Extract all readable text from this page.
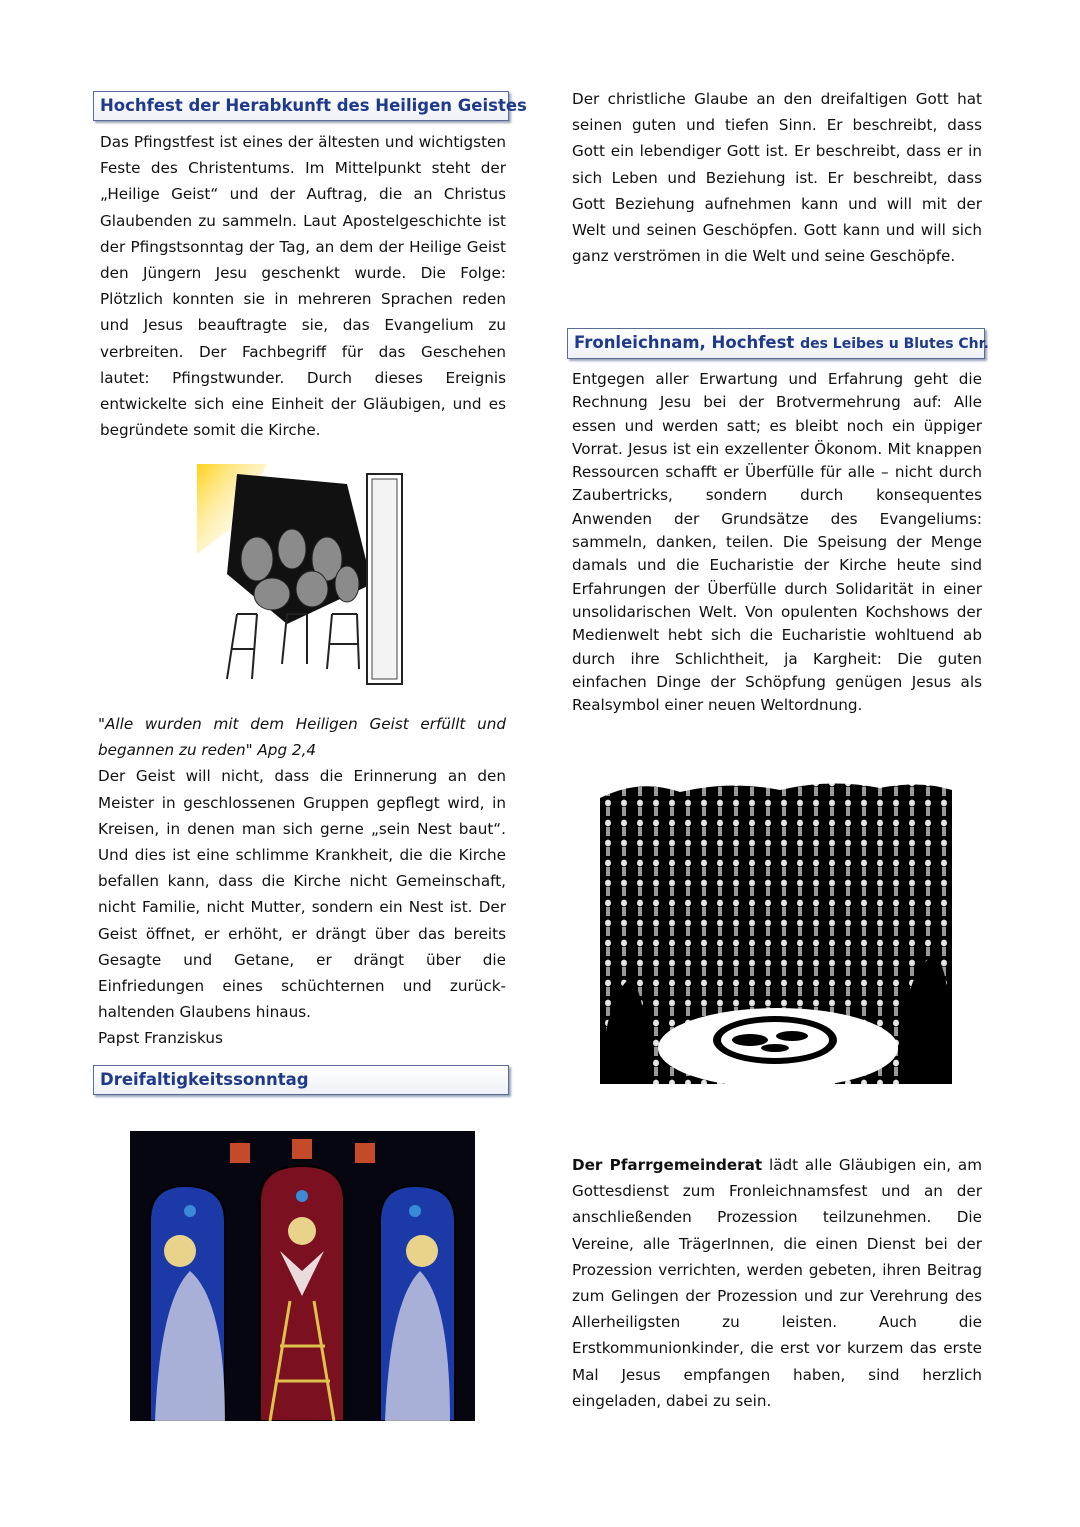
Hochfest der Herabkunft des Heiligen Geistes

Das Pfingstfest ist eines der ältesten und wichtigsten Feste des Christentums. Im Mittelpunkt steht der „Heilige Geist“ und der Auftrag, die an Christus Glaubenden zu sammeln. Laut Apostelgeschichte ist der Pfingstsonntag der Tag, an dem der Heilige Geist den Jüngern Jesu geschenkt wurde. Die Folge: Plötzlich konnten sie in mehreren Sprachen reden und Jesus beauftragte sie, das Evangelium zu verbreiten. Der Fachbegriff für das Geschehen lautet: Pfingstwunder. Durch dieses Ereignis entwickelte sich eine Einheit der Gläubigen, und es begründete somit die Kirche.

"Alle wurden mit dem Heiligen Geist erfüllt und begannen zu reden" Apg 2,4
Der Geist will nicht, dass die Erinnerung an den Meister in geschlossenen Gruppen gepflegt wird, in Kreisen, in denen man sich gerne „sein Nest baut“. Und dies ist eine schlimme Krankheit, die die Kirche befallen kann, dass die Kirche nicht Gemeinschaft, nicht Familie, nicht Mutter, sondern ein Nest ist. Der Geist öffnet, er erhöht, er drängt über das bereits Gesagte und Getane, er drängt über die Einfriedungen eines schüchternen und zurück-haltenden Glaubens hinaus.
Papst Franziskus

Dreifaltigkeitssonntag

Der christliche Glaube an den dreifaltigen Gott hat seinen guten und tiefen Sinn. Er beschreibt, dass Gott ein lebendiger Gott ist. Er beschreibt, dass er in sich Leben und Beziehung ist. Er beschreibt, dass Gott Beziehung aufnehmen kann und will mit der Welt und seinen Geschöpfen. Gott kann und will sich ganz verströmen in die Welt und seine Geschöpfe.

Fronleichnam, Hochfest des Leibes u Blutes Chr.

Entgegen aller Erwartung und Erfahrung geht die Rechnung Jesu bei der Brotvermehrung auf: Alle essen und werden satt; es bleibt noch ein üppiger Vorrat. Jesus ist ein exzellenter Ökonom. Mit knappen Ressourcen schafft er Überfülle für alle – nicht durch Zaubertricks, sondern durch konsequentes Anwenden der Grundsätze des Evangeliums: sammeln, danken, teilen. Die Speisung der Menge damals und die Eucharistie der Kirche heute sind Erfahrungen der Überfülle durch Solidarität in einer unsolidarischen Welt. Von opulenten Kochshows der Medienwelt hebt sich die Eucharistie wohltuend ab durch ihre Schlichtheit, ja Kargheit: Die guten einfachen Dinge der Schöpfung genügen Jesus als Realsymbol einer neuen Weltordnung.

Der Pfarrgemeinderat lädt alle Gläubigen ein, am Gottesdienst zum Fronleichnamsfest und an der anschließenden Prozession teilzunehmen. Die Vereine, alle TrägerInnen, die einen Dienst bei der Prozession verrichten, werden gebeten, ihren Beitrag zum Gelingen der Prozession und zur Verehrung des Allerheiligsten zu leisten. Auch die Erstkommunionkinder, die erst vor kurzem das erste Mal Jesus empfangen haben, sind herzlich eingeladen, dabei zu sein.
